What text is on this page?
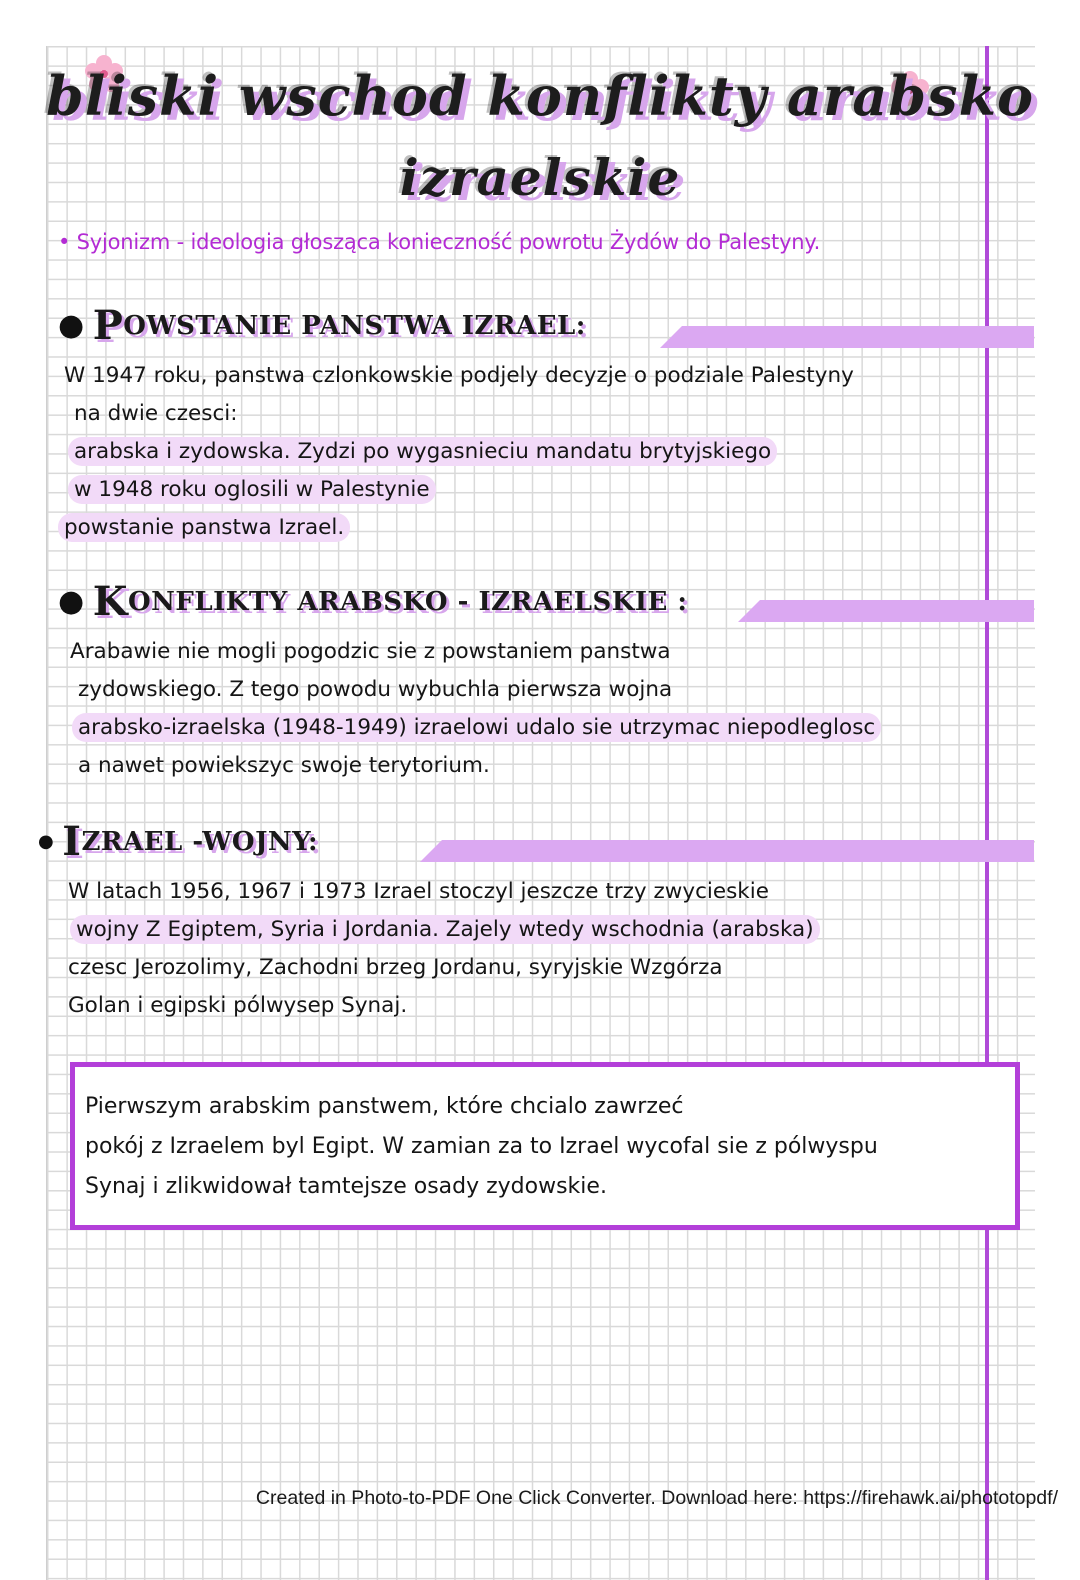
bliski wschod konflikty arabsko
izraelskie
• Syjonizm - ideologia głosząca konieczność powrotu Żydów do Palestyny.
● P OWSTANIE PANSTWA IZRAEL:
W 1947 roku, panstwa czlonkowskie podjely decyzje o podziale Palestyny
na dwie czesci:
arabska i zydowska. Zydzi po wygasnieciu mandatu brytyjskiego
w 1948 roku oglosili w Palestynie
powstanie panstwa Izrael.
● K ONFLIKTY ARABSKO - IZRAELSKIE :
Arabawie nie mogli pogodzic sie z powstaniem panstwa
zydowskiego. Z tego powodu wybuchla pierwsza wojna
arabsko-izraelska (1948-1949) izraelowi udalo sie utrzymac niepodleglosc
a nawet powiekszyc swoje terytorium.
● I ZRAEL -WOJNY:
W latach 1956, 1967 i 1973 Izrael stoczyl jeszcze trzy zwycieskie
wojny Z Egiptem, Syria i Jordania. Zajely wtedy wschodnia (arabska)
czesc Jerozolimy, Zachodni brzeg Jordanu, syryjskie Wzgórza
Golan i egipski pólwysep Synaj.
Pierwszym arabskim panstwem, które chcialo zawrzeć
pokój z Izraelem byl Egipt. W zamian za to Izrael wycofal sie z pólwyspu
Synaj i zlikwidował tamtejsze osady zydowskie.
Created in Photo-to-PDF One Click Converter. Download here: https://firehawk.ai/phototopdf/
